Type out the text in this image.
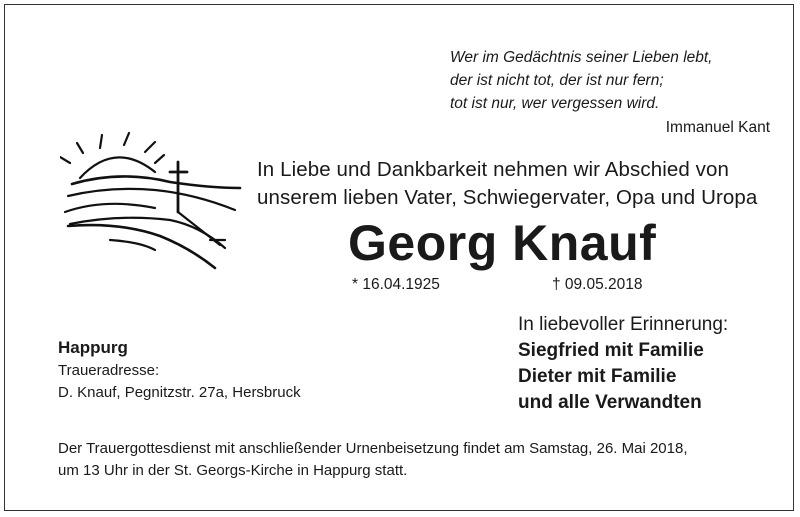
Wer im Gedächtnis seiner Lieben lebt,
der ist nicht tot, der ist nur fern;
tot ist nur, wer vergessen wird.
Immanuel Kant
In Liebe und Dankbarkeit nehmen wir Abschied von
unserem lieben Vater, Schwiegervater, Opa und Uropa
Georg Knauf
* 16.04.1925	† 09.05.2018
In liebevoller Erinnerung:
Siegfried mit Familie
Dieter mit Familie
und alle Verwandten
Happurg
Traueradresse:
D. Knauf, Pegnitzstr. 27a, Hersbruck
Der Trauergottesdienst mit anschließender Urnenbeisetzung findet am Samstag, 26. Mai 2018,
um 13 Uhr in der St. Georgs-Kirche in Happurg statt.
